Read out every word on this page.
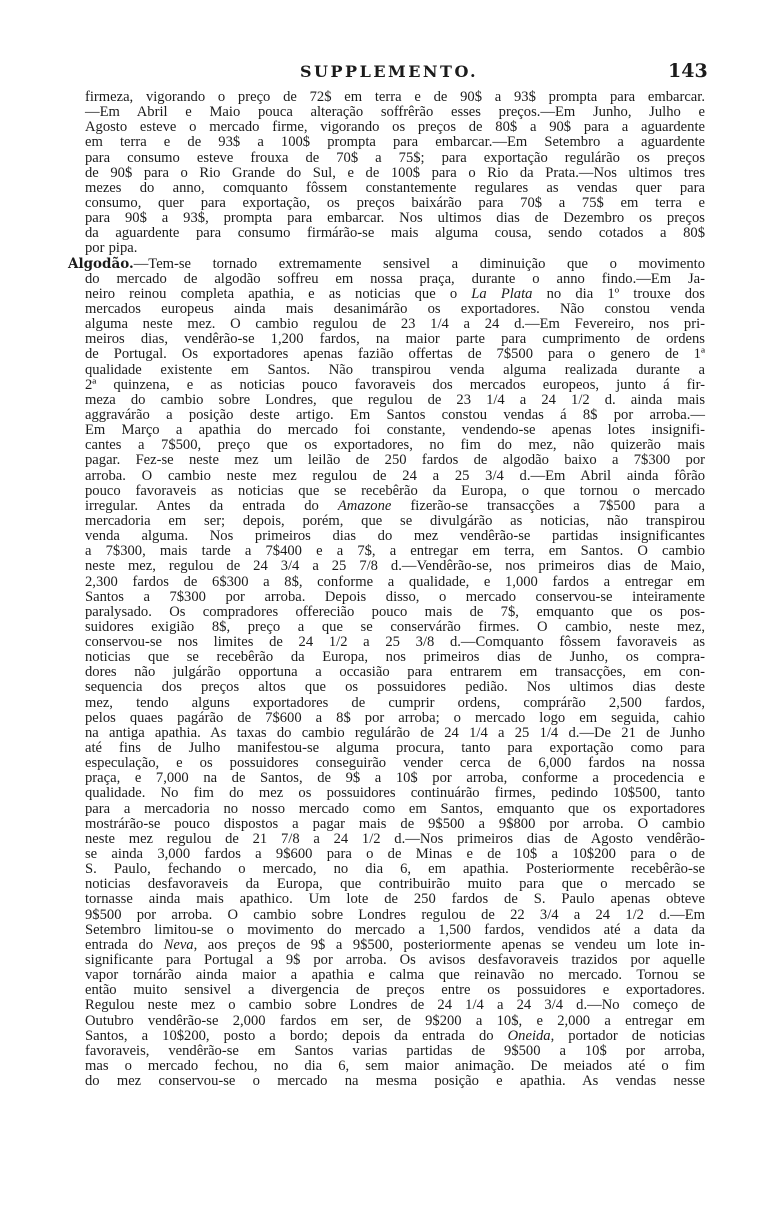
SUPPLEMENTO.	143
firmeza, vigorando o preço de 72$ em terra e de 90$ a 93$ prompta para embarcar.
—Em Abril e Maio pouca alteração soffrêrão esses preços.—Em Junho, Julho e
Agosto esteve o mercado firme, vigorando os preços de 80$ a 90$ para a aguardente
em terra e de 93$ a 100$ prompta para embarcar.—Em Setembro a aguardente
para consumo esteve frouxa de 70$ a 75$; para exportação regulárão os preços
de 90$ para o Rio Grande do Sul, e de 100$ para o Rio da Prata.—Nos ultimos tres
mezes do anno, comquanto fôssem constantemente regulares as vendas quer para
consumo, quer para exportação, os preços baixárão para 70$ a 75$ em terra e
para 90$ a 93$, prompta para embarcar. Nos ultimos dias de Dezembro os preços
da aguardente para consumo firmárão-se mais alguma cousa, sendo cotados a 80$
por pipa.
Algodão.—Tem-se tornado extremamente sensivel a diminuição que o movimento
do mercado de algodão soffreu em nossa praça, durante o anno findo.—Em Ja-
neiro reinou completa apathia, e as noticias que o La Plata no dia 1º trouxe dos
mercados europeus ainda mais desanimárão os exportadores. Não constou venda
alguma neste mez. O cambio regulou de 23 1/4 a 24 d.—Em Fevereiro, nos pri-
meiros dias, vendêrão-se 1,200 fardos, na maior parte para cumprimento de ordens
de Portugal. Os exportadores apenas fazião offertas de 7$500 para o genero de 1ª
qualidade existente em Santos. Não transpirou venda alguma realizada durante a
2ª quinzena, e as noticias pouco favoraveis dos mercados europeos, junto á fir-
meza do cambio sobre Londres, que regulou de 23 1/4 a 24 1/2 d. ainda mais
aggravárão a posição deste artigo. Em Santos constou vendas á 8$ por arroba.—
Em Março a apathia do mercado foi constante, vendendo-se apenas lotes insignifi-
cantes a 7$500, preço que os exportadores, no fim do mez, não quizerão mais
pagar. Fez-se neste mez um leilão de 250 fardos de algodão baixo a 7$300 por
arroba. O cambio neste mez regulou de 24 a 25 3/4 d.—Em Abril ainda fôrão
pouco favoraveis as noticias que se recebêrão da Europa, o que tornou o mercado
irregular. Antes da entrada do Amazone fizerão-se transacções a 7$500 para a
mercadoria em ser; depois, porém, que se divulgárão as noticias, não transpirou
venda alguma. Nos primeiros dias do mez vendêrão-se partidas insignificantes
a 7$300, mais tarde a 7$400 e a 7$, a entregar em terra, em Santos. O cambio
neste mez, regulou de 24 3/4 a 25 7/8 d.—Vendêrão-se, nos primeiros dias de Maio,
2,300 fardos de 6$300 a 8$, conforme a qualidade, e 1,000 fardos a entregar em
Santos a 7$300 por arroba. Depois disso, o mercado conservou-se inteiramente
paralysado. Os compradores offerecião pouco mais de 7$, emquanto que os pos-
suidores exigião 8$, preço a que se conservárão firmes. O cambio, neste mez,
conservou-se nos limites de 24 1/2 a 25 3/8 d.—Comquanto fôssem favoraveis as
noticias que se recebêrão da Europa, nos primeiros dias de Junho, os compra-
dores não julgárão opportuna a occasião para entrarem em transacções, em con-
sequencia dos preços altos que os possuidores pedião. Nos ultimos dias deste
mez, tendo alguns exportadores de cumprir ordens, comprárão 2,500 fardos,
pelos quaes pagárão de 7$600 a 8$ por arroba; o mercado logo em seguida, cahio
na antiga apathia. As taxas do cambio regulárão de 24 1/4 a 25 1/4 d.—De 21 de Junho
até fins de Julho manifestou-se alguma procura, tanto para exportação como para
especulação, e os possuidores conseguirão vender cerca de 6,000 fardos na nossa
praça, e 7,000 na de Santos, de 9$ a 10$ por arroba, conforme a procedencia e
qualidade. No fim do mez os possuidores continuárão firmes, pedindo 10$500, tanto
para a mercadoria no nosso mercado como em Santos, emquanto que os exportadores
mostrárão-se pouco dispostos a pagar mais de 9$500 a 9$800 por arroba. O cambio
neste mez regulou de 21 7/8 a 24 1/2 d.—Nos primeiros dias de Agosto vendêrão-
se ainda 3,000 fardos a 9$600 para o de Minas e de 10$ a 10$200 para o de
S. Paulo, fechando o mercado, no dia 6, em apathia. Posteriormente recebêrão-se
noticias desfavoraveis da Europa, que contribuirão muito para que o mercado se
tornasse ainda mais apathico. Um lote de 250 fardos de S. Paulo apenas obteve
9$500 por arroba. O cambio sobre Londres regulou de 22 3/4 a 24 1/2 d.—Em
Setembro limitou-se o movimento do mercado a 1,500 fardos, vendidos até a data da
entrada do Neva, aos preços de 9$ a 9$500, posteriormente apenas se vendeu um lote in-
significante para Portugal a 9$ por arroba. Os avisos desfavoraveis trazidos por aquelle
vapor tornárão ainda maior a apathia e calma que reinavão no mercado. Tornou se
então muito sensivel a divergencia de preços entre os possuidores e exportadores.
Regulou neste mez o cambio sobre Londres de 24 1/4 a 24 3/4 d.—No começo de
Outubro vendêrão-se 2,000 fardos em ser, de 9$200 a 10$, e 2,000 a entregar em
Santos, a 10$200, posto a bordo; depois da entrada do Oneida, portador de noticias
favoraveis, vendêrão-se em Santos varias partidas de 9$500 a 10$ por arroba,
mas o mercado fechou, no dia 6, sem maior animação. De meiados até o fim
do mez conservou-se o mercado na mesma posição e apathia. As vendas nesse
